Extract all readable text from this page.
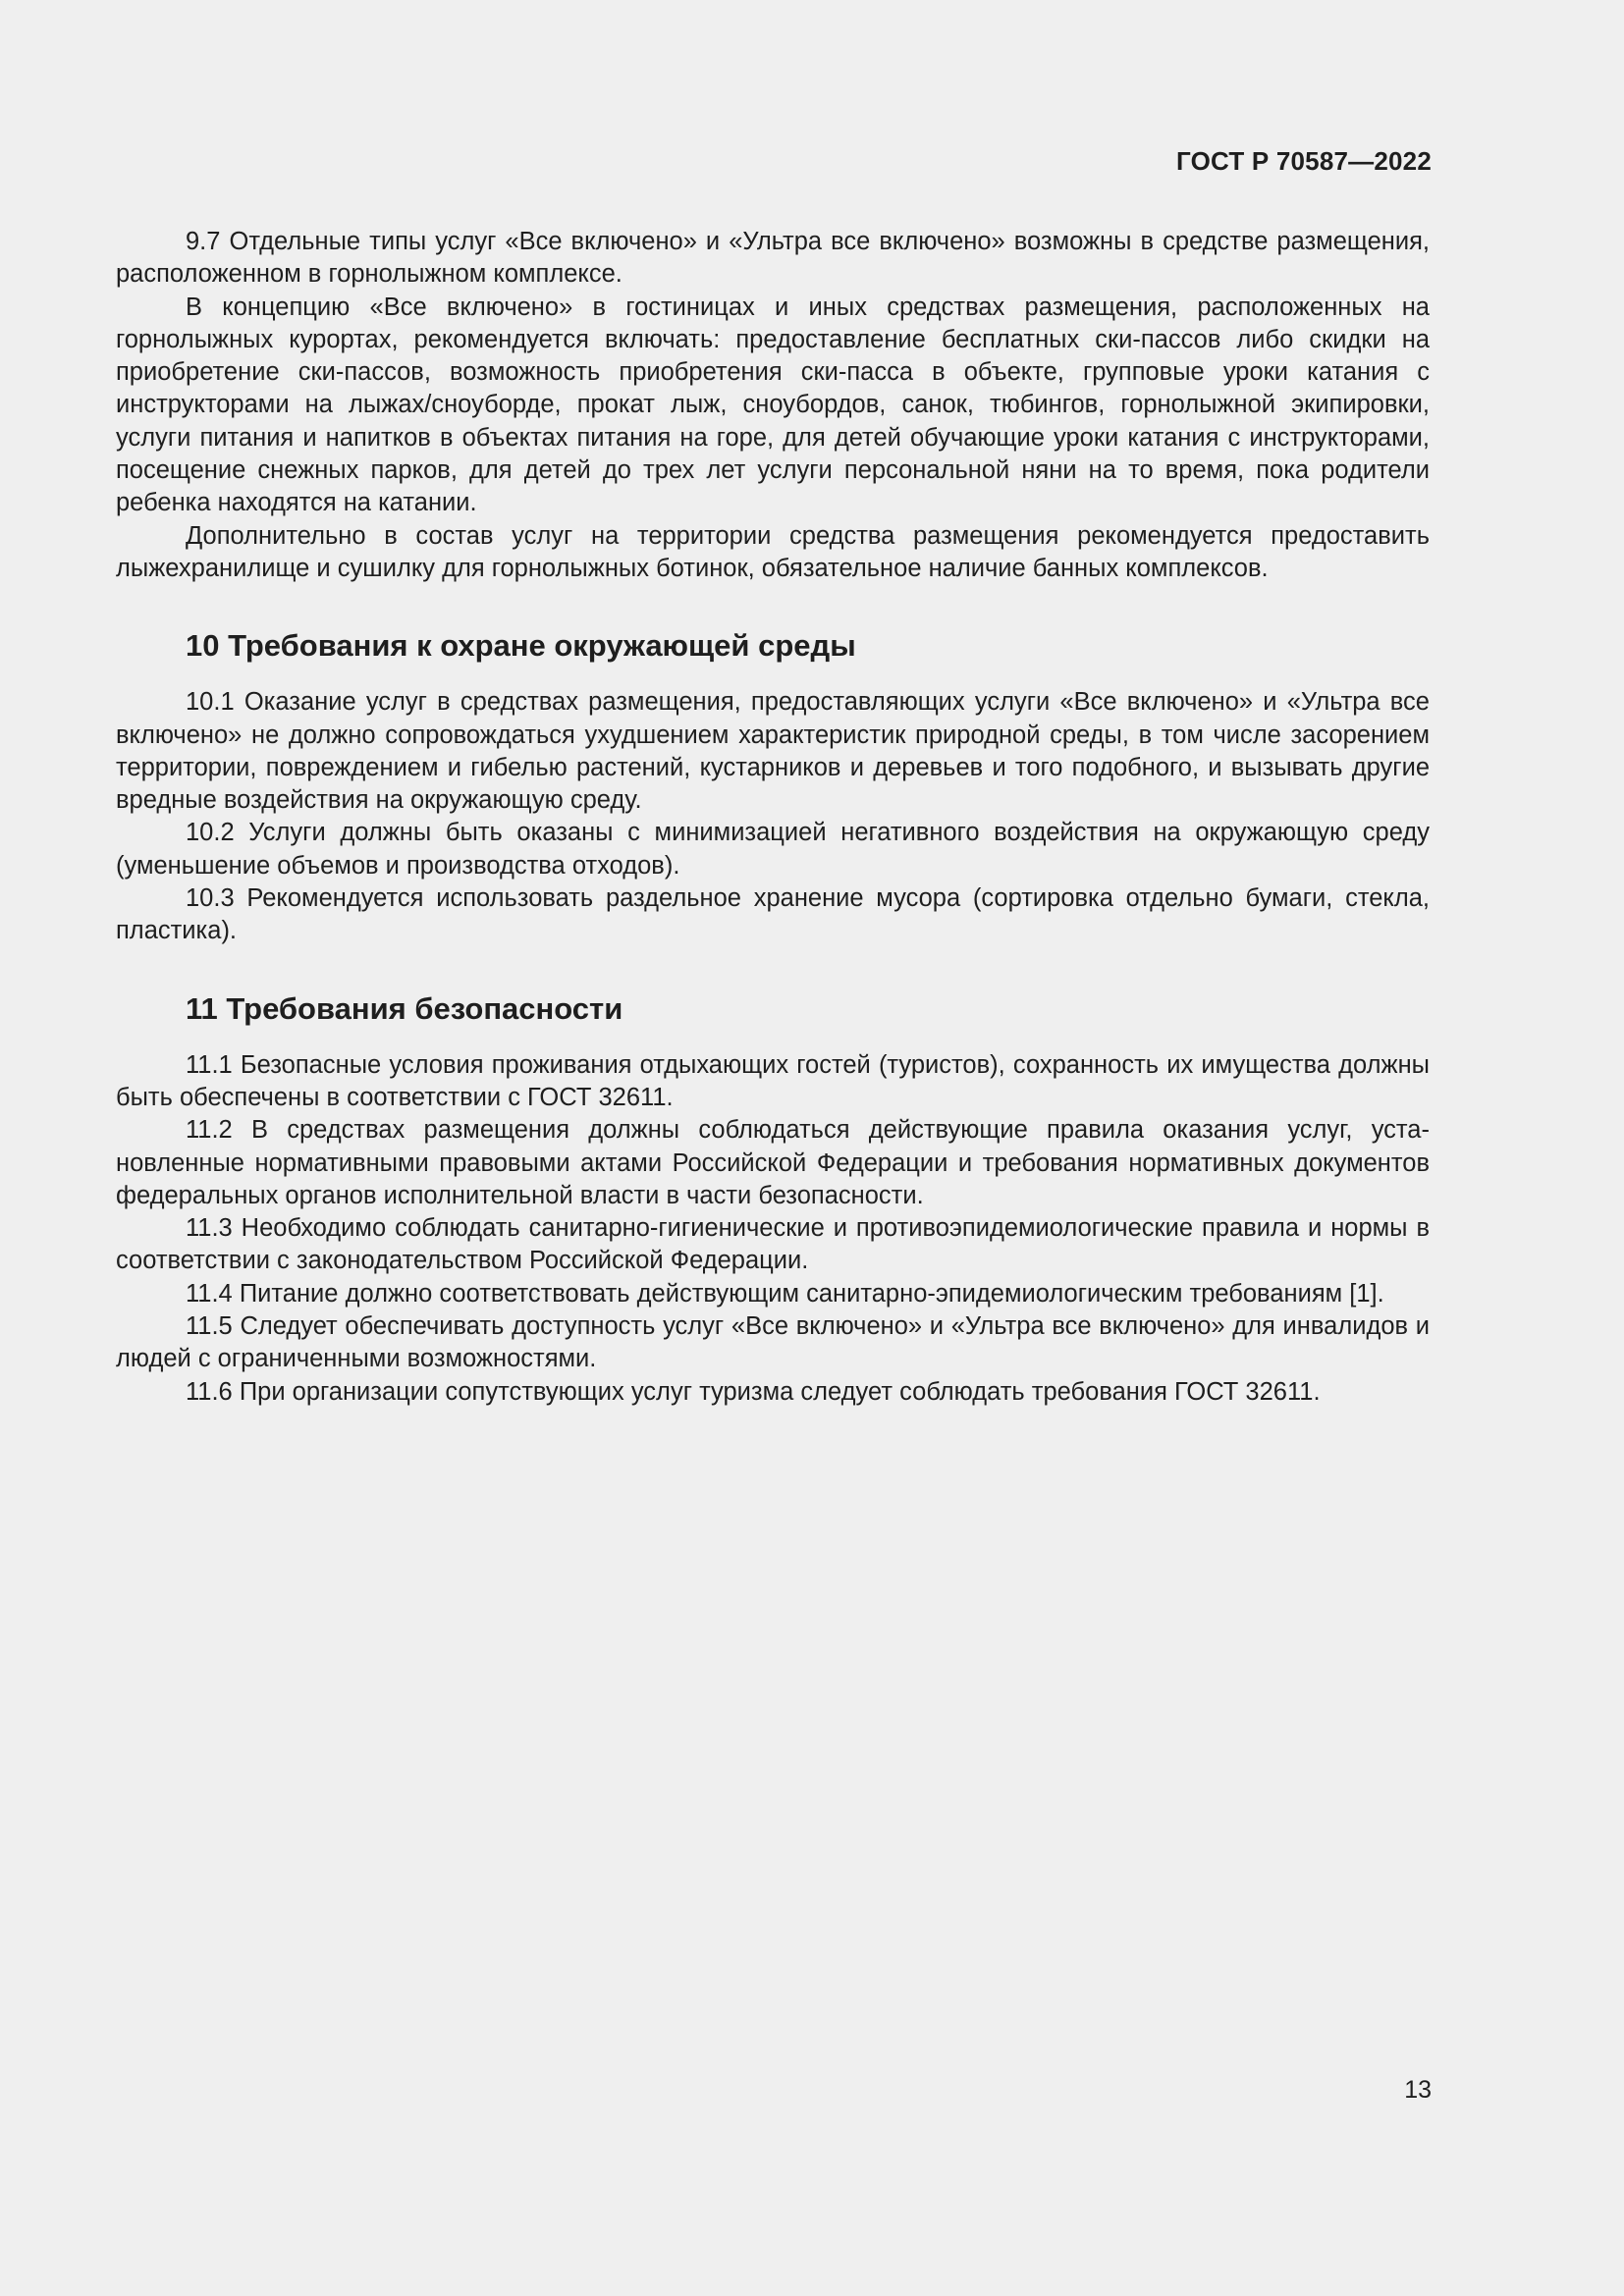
ГОСТ Р 70587—2022

9.7 Отдельные типы услуг «Все включено» и «Ультра все включено» возможны в средстве размещения, расположенном в горнолыжном комплексе.

В концепцию «Все включено» в гостиницах и иных средствах размещения, расположенных на горнолыжных курортах, рекомендуется включать: предоставление бесплатных ски-пассов либо скидки на приобретение ски-пассов, возможность приобретения ски-пасса в объекте, групповые уроки катания с инструкторами на лыжах/сноуборде, прокат лыж, сноубордов, санок, тюбингов, горнолыжной экипировки, услуги питания и напитков в объектах питания на горе, для детей обучающие уроки катания с инструкторами, посещение снежных парков, для детей до трех лет услуги персональной няни на то время, пока родители ребенка находятся на катании.

Дополнительно в состав услуг на территории средства размещения рекомендуется предоставить лыжехранилище и сушилку для горнолыжных ботинок, обязательное наличие банных комплексов.

10 Требования к охране окружающей среды

10.1 Оказание услуг в средствах размещения, предоставляющих услуги «Все включено» и «Ультра все включено» не должно сопровождаться ухудшением характеристик природной среды, в том числе засорением территории, повреждением и гибелью растений, кустарников и деревьев и того подобного, и вызывать другие вредные воздействия на окружающую среду.

10.2 Услуги должны быть оказаны с минимизацией негативного воздействия на окружающую среду (уменьшение объемов и производства отходов).

10.3 Рекомендуется использовать раздельное хранение мусора (сортировка отдельно бумаги, стекла, пластика).

11 Требования безопасности

11.1 Безопасные условия проживания отдыхающих гостей (туристов), сохранность их имущества должны быть обеспечены в соответствии с ГОСТ 32611.

11.2 В средствах размещения должны соблюдаться действующие правила оказания услуг, установленные нормативными правовыми актами Российской Федерации и требования нормативных документов федеральных органов исполнительной власти в части безопасности.

11.3 Необходимо соблюдать санитарно-гигиенические и противоэпидемиологические правила и нормы в соответствии с законодательством Российской Федерации.

11.4 Питание должно соответствовать действующим санитарно-эпидемиологическим требованиям [1].

11.5 Следует обеспечивать доступность услуг «Все включено» и «Ультра все включено» для инвалидов и людей с ограниченными возможностями.

11.6 При организации сопутствующих услуг туризма следует соблюдать требования ГОСТ 32611.

13
